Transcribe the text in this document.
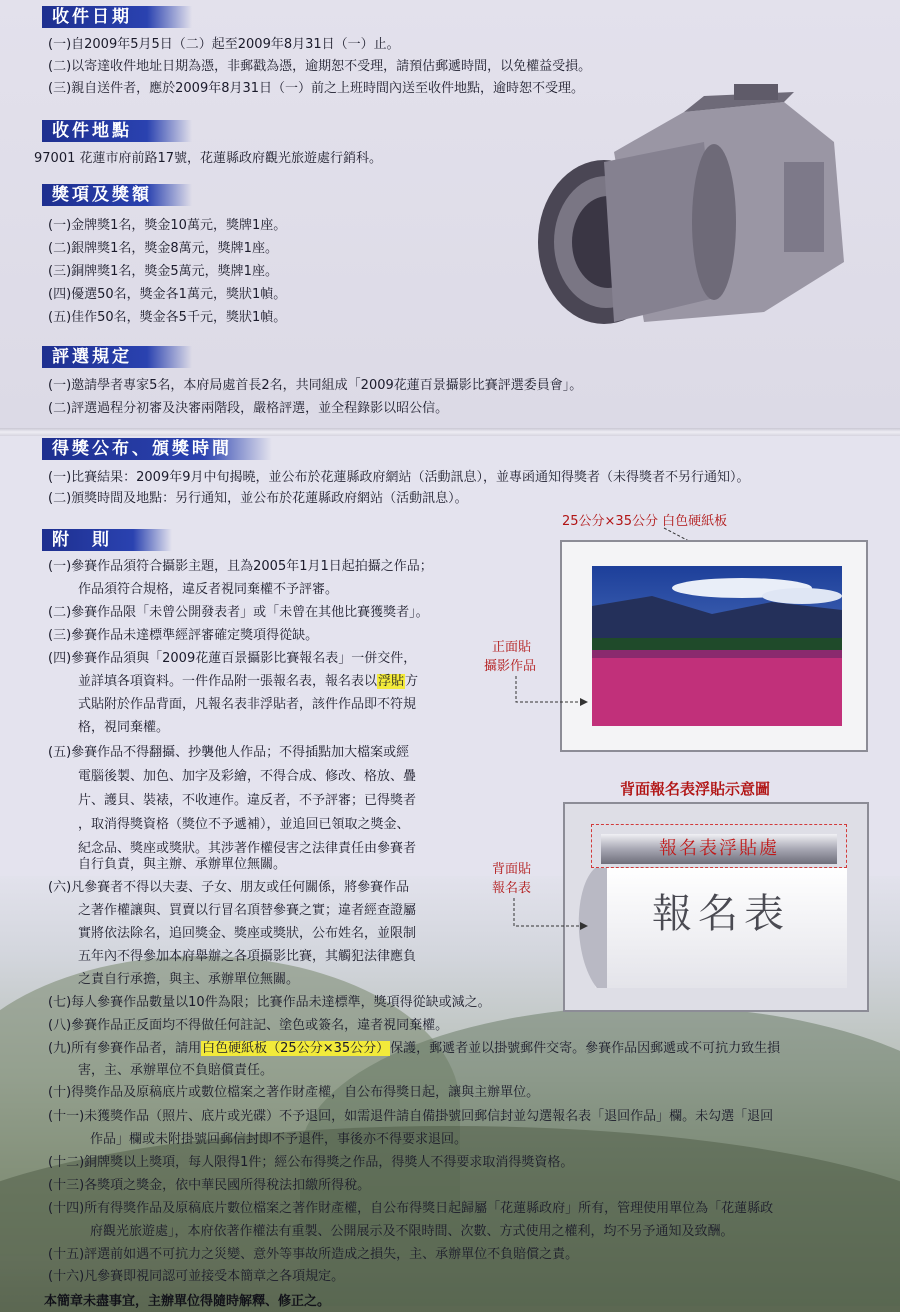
收件日期
(一)自2009年5月5日（二）起至2009年8月31日（一）止。
(二)以寄達收件地址日期為憑，非郵戳為憑，逾期恕不受理，請預估郵遞時間，以免權益受損。
(三)親自送件者，應於2009年8月31日（一）前之上班時間內送至收件地點，逾時恕不受理。
收件地點
97001 花蓮市府前路17號，花蓮縣政府觀光旅遊處行銷科。
獎項及獎額
(一)金牌獎1名，獎金10萬元，獎牌1座。
(二)銀牌獎1名，獎金8萬元，獎牌1座。
(三)銅牌獎1名，獎金5萬元，獎牌1座。
(四)優選50名，獎金各1萬元，獎狀1幀。
(五)佳作50名，獎金各5千元，獎狀1幀。
評選規定
(一)邀請學者專家5名，本府局處首長2名，共同組成「2009花蓮百景攝影比賽評選委員會」。
(二)評選過程分初審及決審兩階段，嚴格評選，並全程錄影以昭公信。
得獎公布、頒獎時間
(一)比賽結果：2009年9月中旬揭曉，並公布於花蓮縣政府網站（活動訊息），並專函通知得獎者（未得獎者不另行通知）。
(二)頒獎時間及地點：另行通知，並公布於花蓮縣政府網站（活動訊息）。
附　則
(一)參賽作品須符合攝影主題，且為2005年1月1日起拍攝之作品；
作品須符合規格，違反者視同棄權不予評審。
(二)參賽作品限「未曾公開發表者」或「未曾在其他比賽獲獎者」。
(三)參賽作品未達標準經評審確定獎項得從缺。
(四)參賽作品須與「2009花蓮百景攝影比賽報名表」一併交件，
並詳填各項資料。一件作品附一張報名表，報名表以浮貼方
式貼附於作品背面，凡報名表非浮貼者，該件作品即不符規
格，視同棄權。
(五)參賽作品不得翻攝、抄襲他人作品；不得插點加大檔案或經
電腦後製、加色、加字及彩繪，不得合成、修改、格放、疊
片、護貝、裝裱，不收連作。違反者，不予評審；已得獎者
，取消得獎資格（獎位不予遞補），並追回已領取之獎金、
紀念品、獎座或獎狀。其涉著作權侵害之法律責任由參賽者
自行負責，與主辦、承辦單位無關。
(六)凡參賽者不得以夫妻、子女、朋友或任何關係，將參賽作品
之著作權讓與、買賣以行冒名頂替參賽之實；違者經查證屬
實將依法除名，追回獎金、獎座或獎狀，公布姓名，並限制
五年內不得參加本府舉辦之各項攝影比賽，其觸犯法律應負
之責自行承擔，與主、承辦單位無關。
(七)每人參賽作品數量以10件為限；比賽作品未達標準，獎項得從缺或減之。
(八)參賽作品正反面均不得做任何註記、塗色或簽名，違者視同棄權。
(九)所有參賽作品者，請用白色硬紙板（25公分×35公分）保護，郵遞者並以掛號郵件交寄。參賽作品因郵遞或不可抗力致生損
害，主、承辦單位不負賠償責任。
(十)得獎作品及原稿底片或數位檔案之著作財產權，自公布得獎日起，讓與主辦單位。
(十一)未獲獎作品（照片、底片或光碟）不予退回，如需退件請自備掛號回郵信封並勾選報名表「退回作品」欄。未勾選「退回
作品」欄或未附掛號回郵信封即不予退件，事後亦不得要求退回。
(十二)銅牌獎以上獎項，每人限得1件；經公布得獎之作品，得獎人不得要求取消得獎資格。
(十三)各獎項之獎金，依中華民國所得稅法扣繳所得稅。
(十四)所有得獎作品及原稿底片數位檔案之著作財產權，自公布得獎日起歸屬「花蓮縣政府」所有，管理使用單位為「花蓮縣政
府觀光旅遊處」，本府依著作權法有重製、公開展示及不限時間、次數、方式使用之權利，均不另予通知及致酬。
(十五)評選前如遇不可抗力之災變、意外等事故所造成之損失，主、承辦單位不負賠償之責。
(十六)凡參賽即視同認可並接受本簡章之各項規定。
本簡章未盡事宜，主辦單位得隨時解釋、修正之。
25公分×35公分 白色硬紙板
正面貼
攝影作品
背面報名表浮貼示意圖
報名表浮貼處
報名表
背面貼
報名表
